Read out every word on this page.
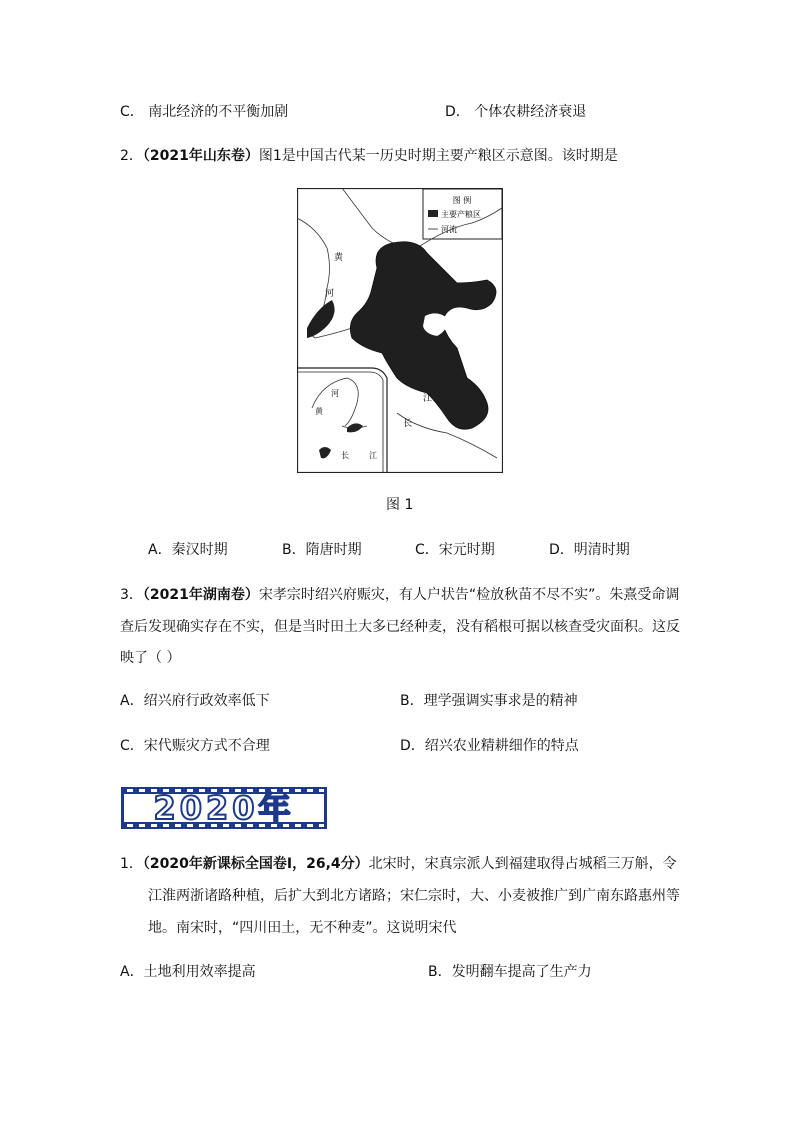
C． 南北经济的不平衡加剧	D． 个体农耕经济衰退
2．（2021年山东卷）图1是中国古代某一历史时期主要产粮区示意图。该时期是
图 例
主要产粮区
河流
黄
河
江
长
河
黄
长	江
图 1
A．秦汉时期	B．隋唐时期	C．宋元时期	D．明清时期
3．（2021年湖南卷）宋孝宗时绍兴府赈灾，有人户状告“检放秋苗不尽不实”。朱熹受命调
查后发现确实存在不实，但是当时田土大多已经种麦，没有稻根可据以核查受灾面积。这反
映了（ ）
A．绍兴府行政效率低下	B．理学强调实事求是的精神
C．宋代赈灾方式不合理	D．绍兴农业精耕细作的特点
2020年
1．（2020年新课标全国卷Ⅰ，26,4分）北宋时，宋真宗派人到福建取得占城稻三万斛，令
江淮两浙诸路种植，后扩大到北方诸路；宋仁宗时，大、小麦被推广到广南东路惠州等
地。南宋时，“四川田土，无不种麦”。这说明宋代
A．土地利用效率提高	B．发明翻车提高了生产力
